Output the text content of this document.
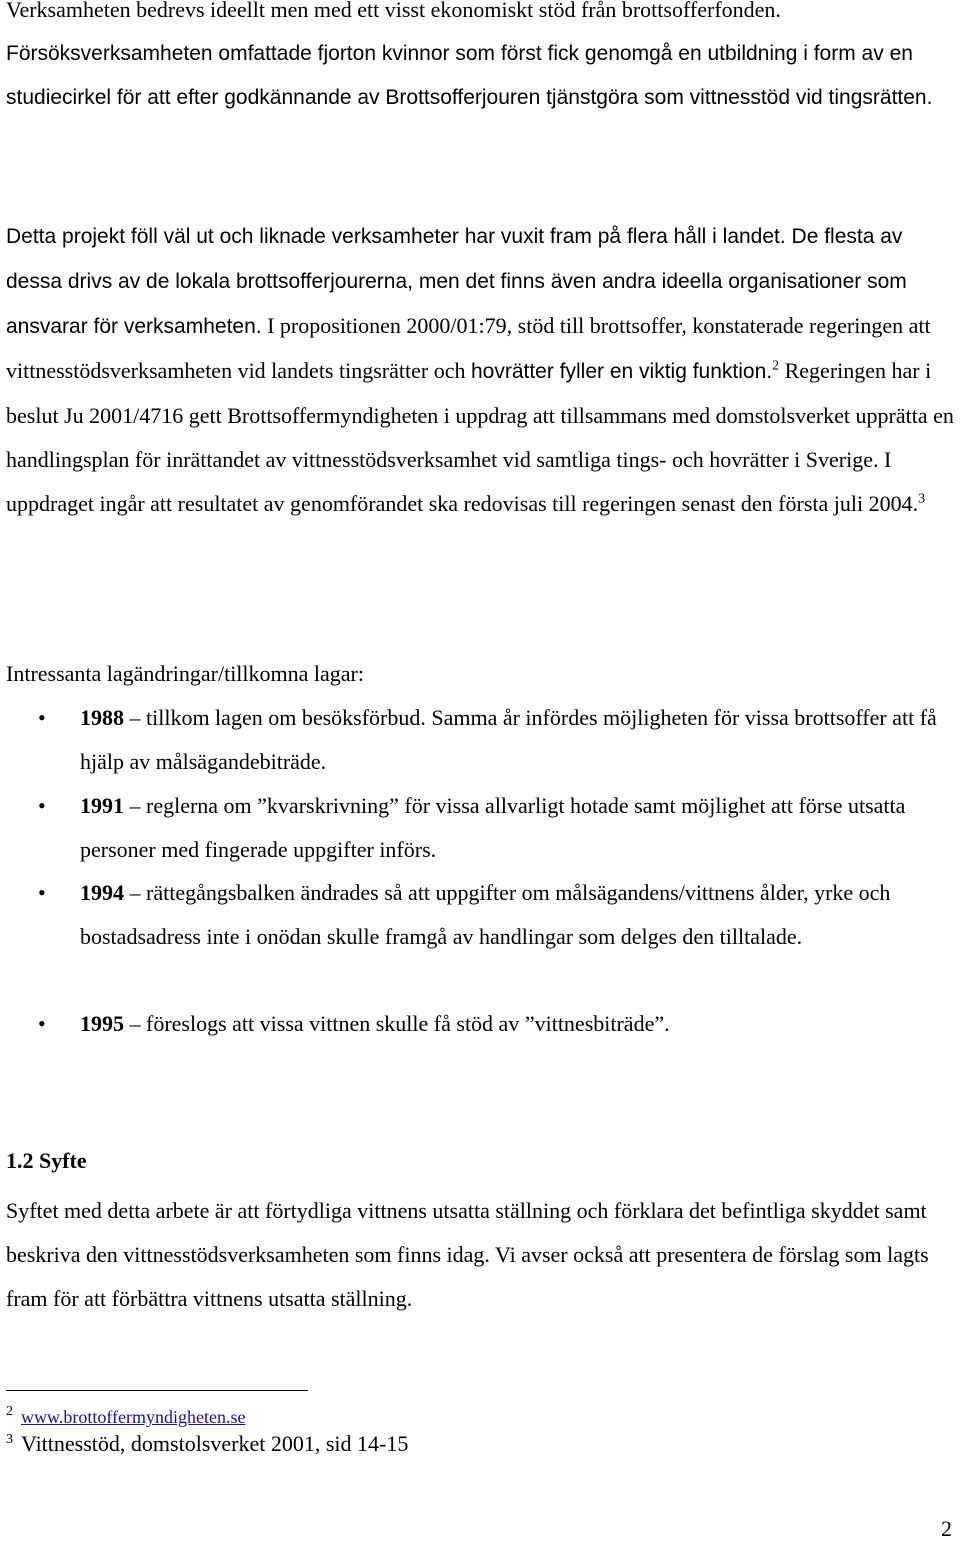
Verksamheten bedrevs ideellt men med ett visst ekonomiskt stöd från brottsofferfonden.

Försöksverksamheten omfattade fjorton kvinnor som först fick genomgå en utbildning i form av en studiecirkel för att efter godkännande av Brottsofferjouren tjänstgöra som vittnesstöd vid tingsrätten.

Detta projekt föll väl ut och liknade verksamheter har vuxit fram på flera håll i landet. De flesta av dessa drivs av de lokala brottsofferjourerna, men det finns även andra ideella organisationer som ansvarar för verksamheten. I propositionen 2000/01:79, stöd till brottsoffer, konstaterade regeringen att vittnesstödsverksamheten vid landets tingsrätter och hovrätter fyller en viktig funktion.$^2$ Regeringen har i beslut Ju 2001/4716 gett Brottsoffermyndigheten i uppdrag att tillsammans med domstolsverket upprätta en handlingsplan för inrättandet av vittnesstödsverksamhet vid samtliga tings- och hovrätter i Sverige. I uppdraget ingår att resultatet av genomförandet ska redovisas till regeringen senast den första juli 2004.$^3$

Intressanta lagändringar/tillkomna lagar:

• 1988 – tillkom lagen om besöksförbud. Samma år infördes möjligheten för vissa brottsoffer att få hjälp av målsägandebiträde.

• 1991 – reglerna om ”kvarskrivning” för vissa allvarligt hotade samt möjlighet att förse utsatta personer med fingerade uppgifter införs.

• 1994 – rättegångsbalken ändrades så att uppgifter om målsägandens/vittnens ålder, yrke och bostadsadress inte i onödan skulle framgå av handlingar som delges den tilltalade.

• 1995 – föreslogs att vissa vittnen skulle få stöd av ”vittnesbiträde”.

1.2 Syfte

Syftet med detta arbete är att förtydliga vittnens utsatta ställning och förklara det befintliga skyddet samt beskriva den vittnesstödsverksamheten som finns idag. Vi avser också att presentera de förslag som lagts fram för att förbättra vittnens utsatta ställning.

$^2$ www.brottoffermyndigheten.se

$^3$ Vittnesstöd, domstolsverket 2001, sid 14-15

2
